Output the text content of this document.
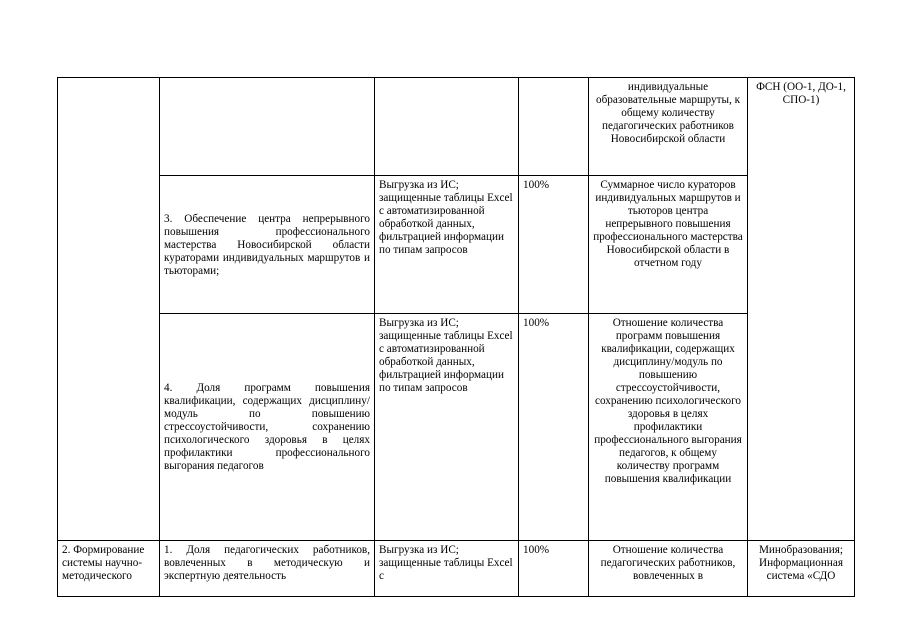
				индивидуальные образовательные маршруты, к общему количеству педагогических работников Новосибирской области	ФСН (ОО-1, ДО-1, СПО-1)
	3. Обеспечение центра непрерывного повышения профессионального мастерства Новосибирской области кураторами индивидуальных маршрутов и тьюторами;	Выгрузка из ИС; защищенные таблицы Excel с автоматизированной обработкой данных, фильтрацией информации по типам запросов	100%	Суммарное число кураторов индивидуальных маршрутов и тьюторов центра непрерывного повышения профессионального мастерства Новосибирской области в отчетном году	
	4. Доля программ повышения квалификации, содержащих дисциплину/модуль по повышению стрессоустойчивости, сохранению психологического здоровья в целях профилактики профессионального выгорания педагогов	Выгрузка из ИС; защищенные таблицы Excel с автоматизированной обработкой данных, фильтрацией информации по типам запросов	100%	Отношение количества программ повышения квалификации, содержащих дисциплину/модуль по повышению стрессоустойчивости, сохранению психологического здоровья в целях профилактики профессионального выгорания педагогов, к общему количеству программ повышения квалификации	

2. Формирование системы научно-методического	1. Доля педагогических работников, вовлеченных в методическую и экспертную деятельность	Выгрузка из ИС; защищенные таблицы Excel с	100%	Отношение количества педагогических работников, вовлеченных в	Минобразования; Информационная система «СДО
